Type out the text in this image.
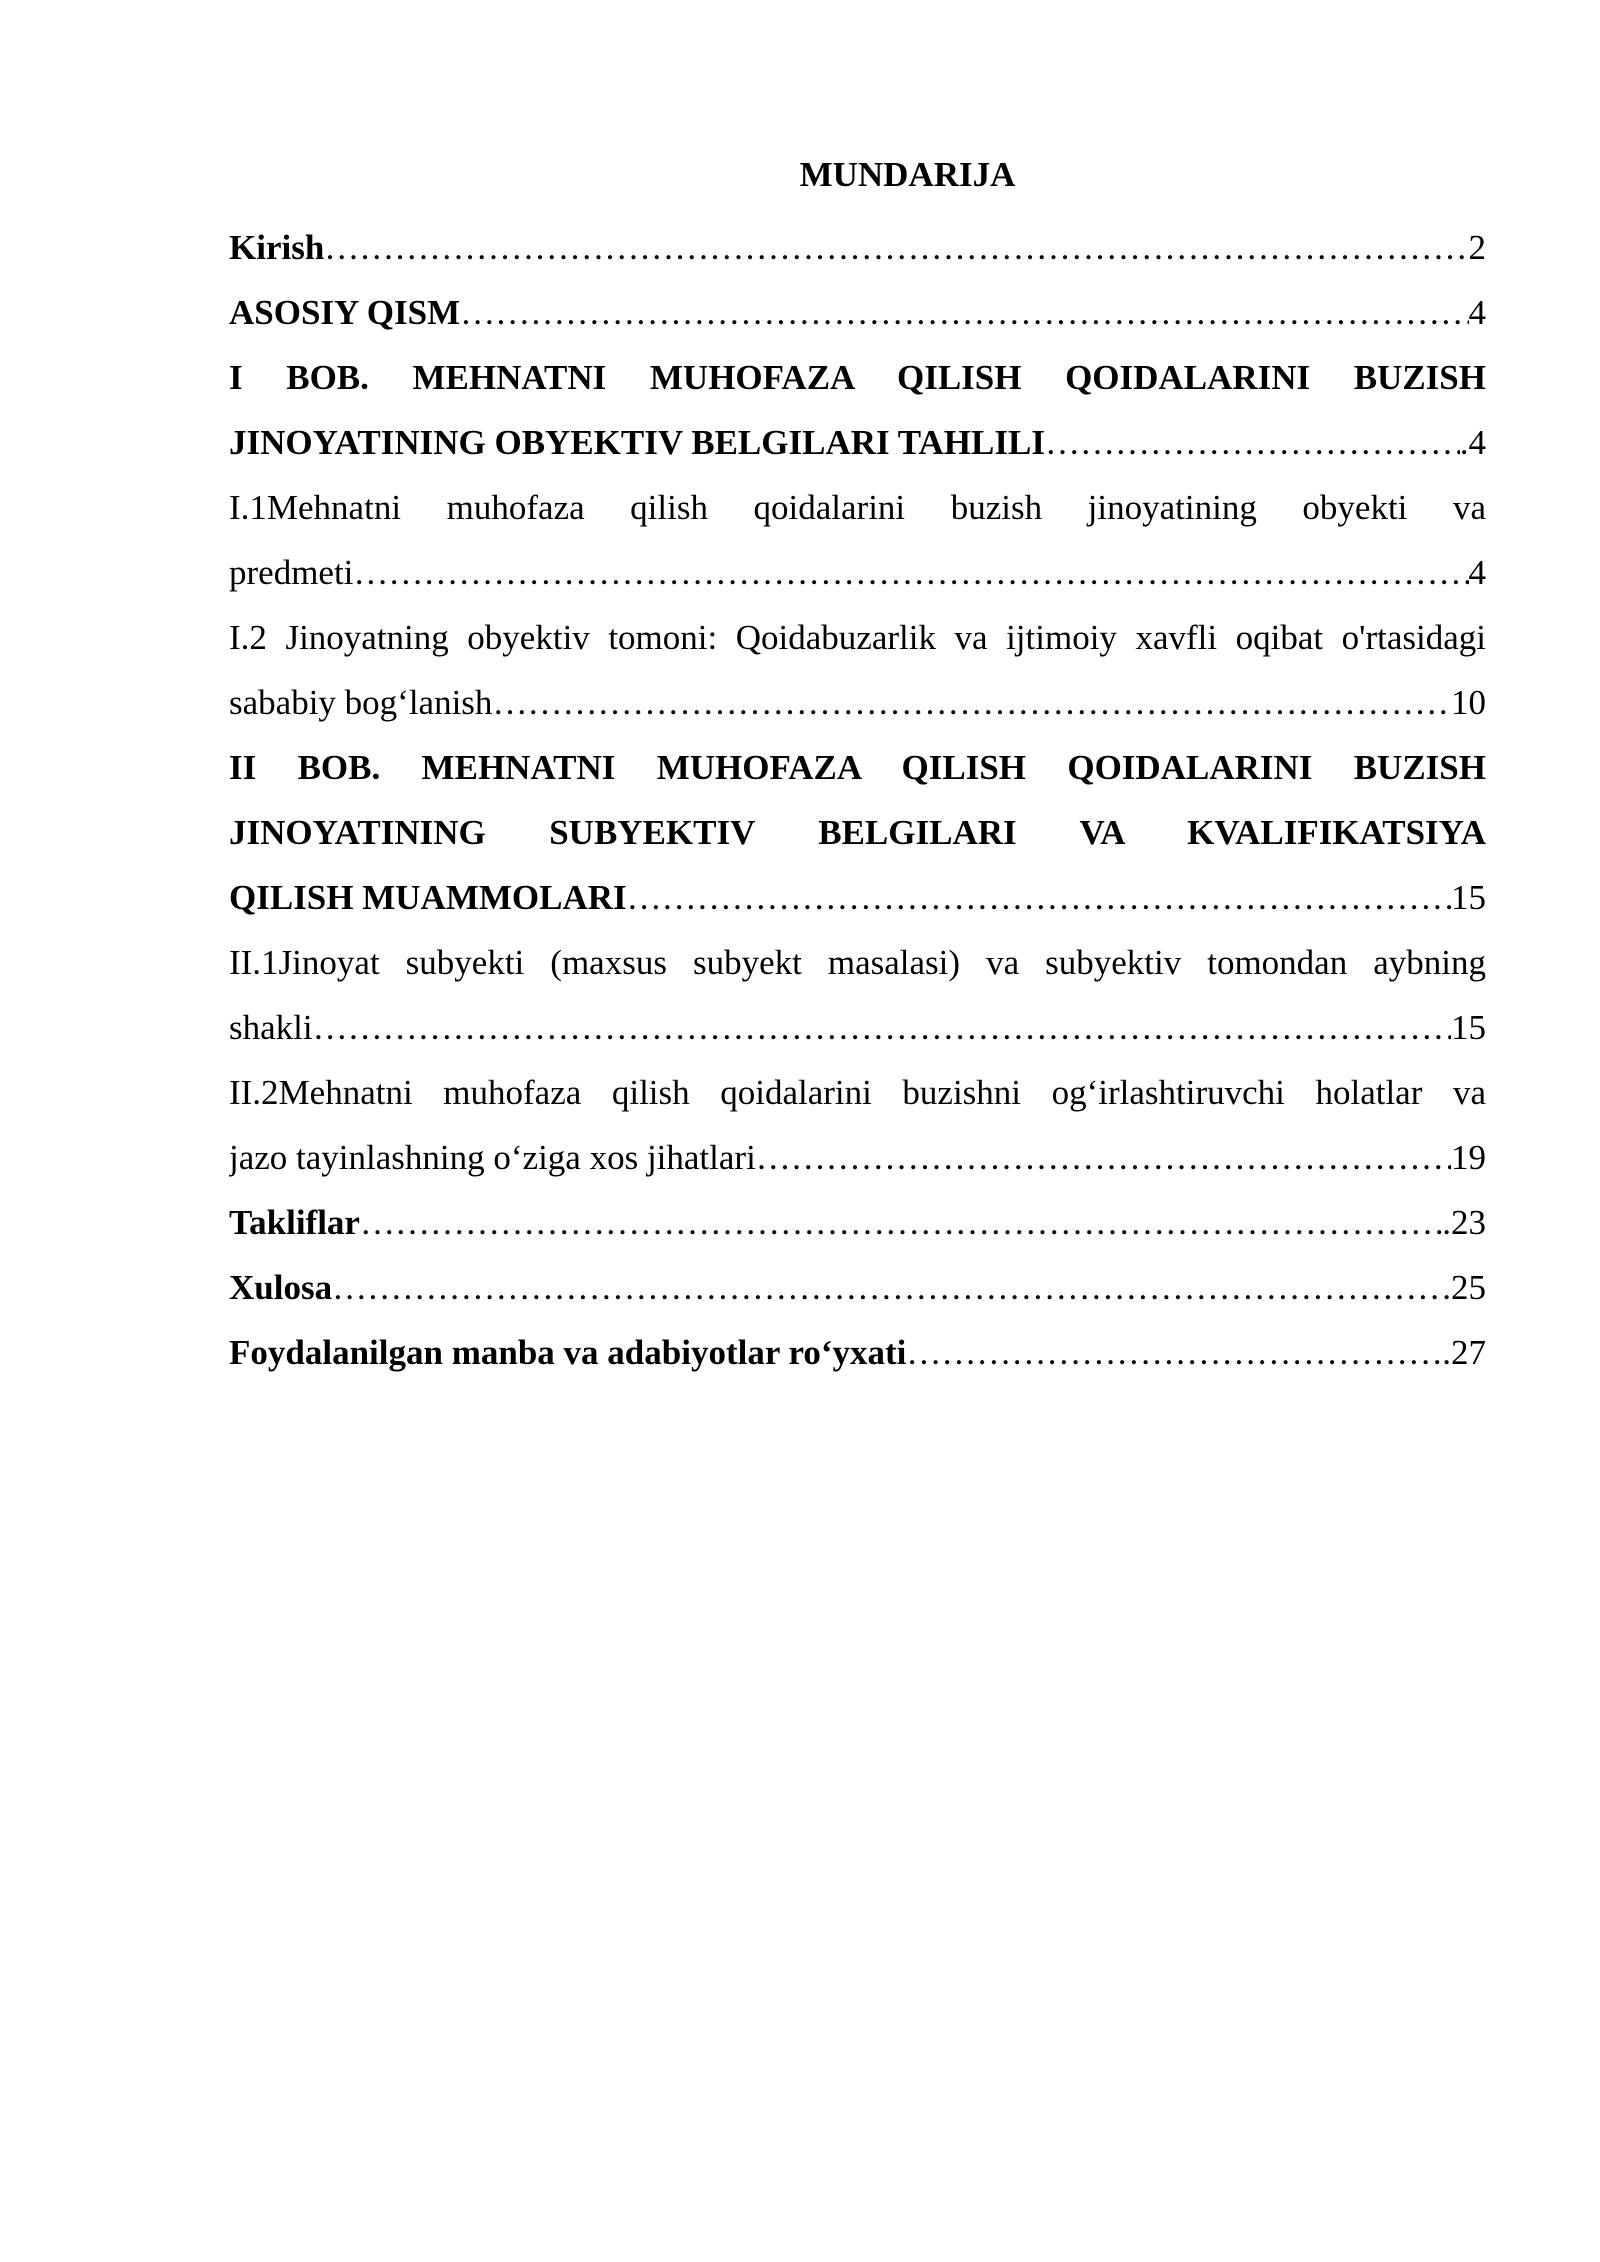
MUNDARIJA
Kirish ……………………………………………………………………………………………………………………………………………………	2
ASOSIY QISM ……………………………………………………………………………………………………………………………………………………	4
I BOB. MEHNATNI MUHOFAZA QILISH QOIDALARINI BUZISH
JINOYATINING OBYEKTIV BELGILARI TAHLILI ……………………………………………………………………………………………………………………………………………………	.4
I.1Mehnatni muhofaza qilish qoidalarini buzish jinoyatining obyekti va
predmeti ……………………………………………………………………………………………………………………………………………………	4
I.2 Jinoyatning obyektiv tomoni: Qoidabuzarlik va ijtimoiy xavfli oqibat o'rtasidagi
sababiy bog‘lanish ……………………………………………………………………………………………………………………………………………………	10
II BOB. MEHNATNI MUHOFAZA QILISH QOIDALARINI BUZISH
JINOYATINING SUBYEKTIV BELGILARI VA KVALIFIKATSIYA
QILISH MUAMMOLARI ……………………………………………………………………………………………………………………………………………………	15
II.1Jinoyat subyekti (maxsus subyekt masalasi) va subyektiv tomondan aybning
shakli ……………………………………………………………………………………………………………………………………………………	15
II.2Mehnatni muhofaza qilish qoidalarini buzishni og‘irlashtiruvchi holatlar va
jazo tayinlashning o‘ziga xos jihatlari ……………………………………………………………………………………………………………………………………………………	19
Takliflar ……………………………………………………………………………………………………………………………………………………	.23
Xulosa ……………………………………………………………………………………………………………………………………………………	.25
Foydalanilgan manba va adabiyotlar ro‘yxati ……………………………………………………………………………………………………………………………………………………	.27
